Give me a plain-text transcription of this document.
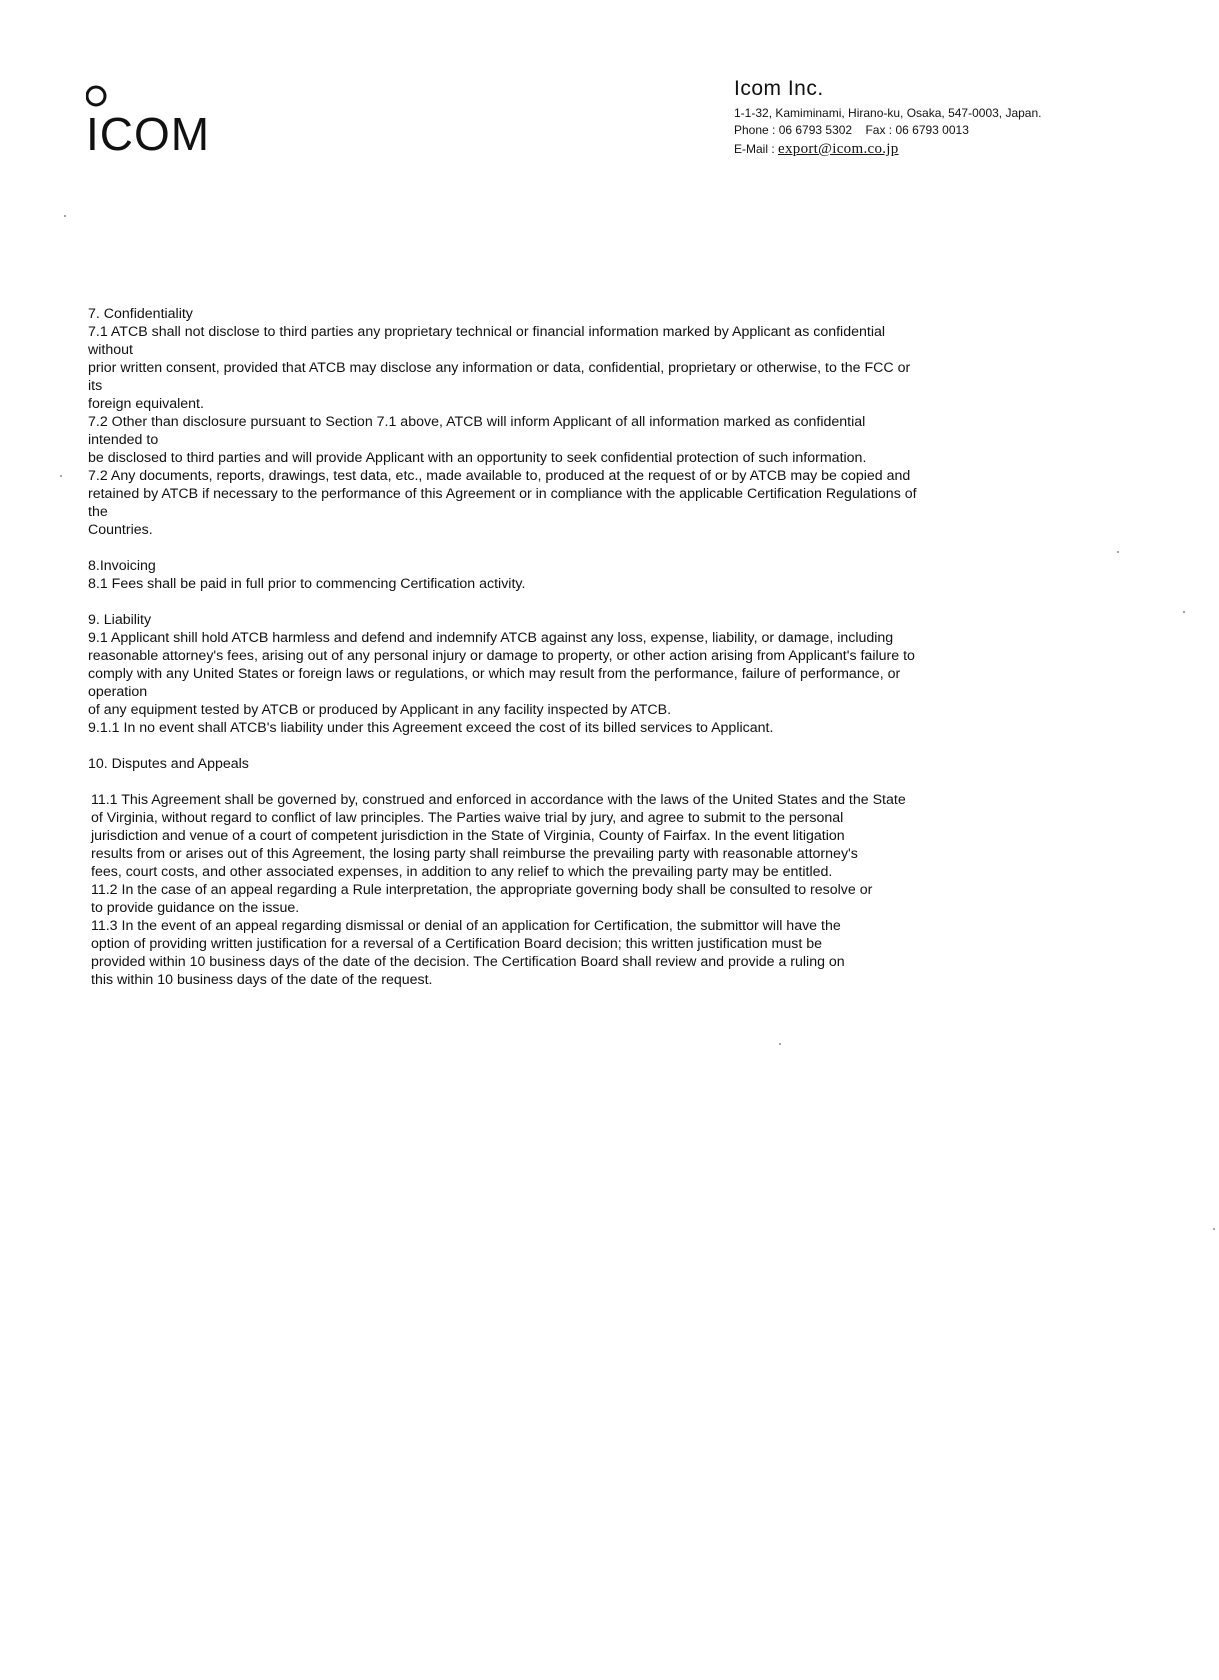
ICOM

Icom Inc.

1-1-32, Kamiminami, Hirano-ku, Osaka, 547-0003, Japan.

Phone : 06 6793 5302 Fax : 06 6793 0013

E-Mail : export@icom.co.jp

7. Confidentiality

7.1 ATCB shall not disclose to third parties any proprietary technical or financial information marked by Applicant as confidential

without

prior written consent, provided that ATCB may disclose any information or data, confidential, proprietary or otherwise, to the FCC or

its

foreign equivalent.

7.2 Other than disclosure pursuant to Section 7.1 above, ATCB will inform Applicant of all information marked as confidential

intended to

be disclosed to third parties and will provide Applicant with an opportunity to seek confidential protection of such information.

7.2 Any documents, reports, drawings, test data, etc., made available to, produced at the request of or by ATCB may be copied and

retained by ATCB if necessary to the performance of this Agreement or in compliance with the applicable Certification Regulations of

the

Countries.

8.Invoicing

8.1 Fees shall be paid in full prior to commencing Certification activity.

9. Liability

9.1 Applicant shill hold ATCB harmless and defend and indemnify ATCB against any loss, expense, liability, or damage, including

reasonable attorney's fees, arising out of any personal injury or damage to property, or other action arising from Applicant's failure to

comply with any United States or foreign laws or regulations, or which may result from the performance, failure of performance, or

operation

of any equipment tested by ATCB or produced by Applicant in any facility inspected by ATCB.

9.1.1 In no event shall ATCB's liability under this Agreement exceed the cost of its billed services to Applicant.

10. Disputes and Appeals

11.1 This Agreement shall be governed by, construed and enforced in accordance with the laws of the United States and the State

of Virginia, without regard to conflict of law principles. The Parties waive trial by jury, and agree to submit to the personal

jurisdiction and venue of a court of competent jurisdiction in the State of Virginia, County of Fairfax. In the event litigation

results from or arises out of this Agreement, the losing party shall reimburse the prevailing party with reasonable attorney's

fees, court costs, and other associated expenses, in addition to any relief to which the prevailing party may be entitled.

11.2 In the case of an appeal regarding a Rule interpretation, the appropriate governing body shall be consulted to resolve or

to provide guidance on the issue.

11.3 In the event of an appeal regarding dismissal or denial of an application for Certification, the submittor will have the

option of providing written justification for a reversal of a Certification Board decision; this written justification must be

provided within 10 business days of the date of the decision. The Certification Board shall review and provide a ruling on

this within 10 business days of the date of the request.
